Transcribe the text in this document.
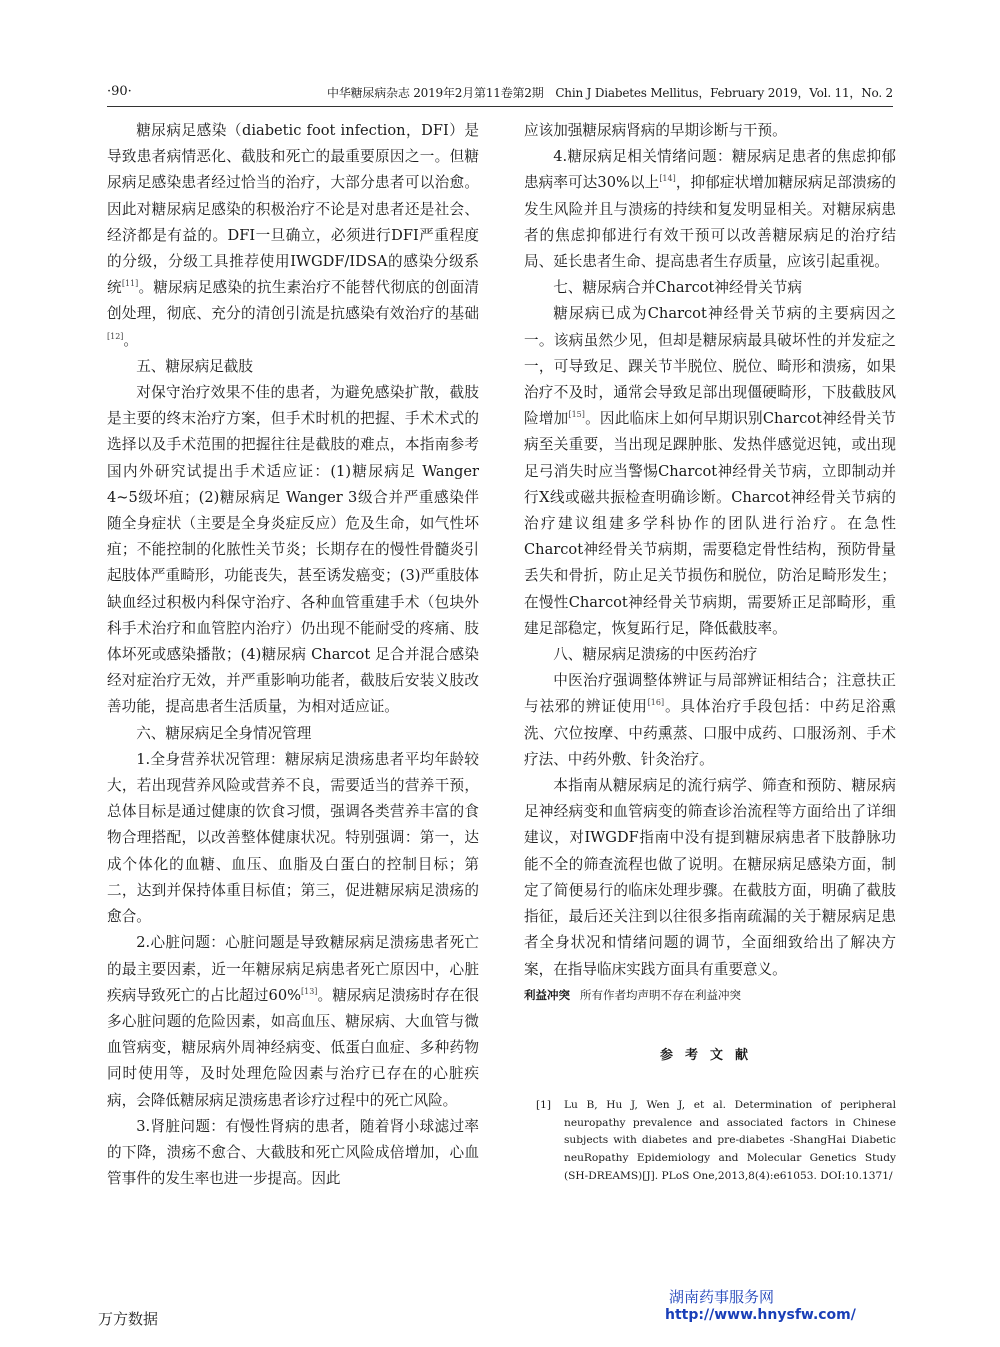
·90·	中华糖尿病杂志 2019年2月第11卷第2期　Chin J Diabetes Mellitus，February 2019，Vol. 11，No. 2

糖尿病足感染（diabetic foot infection，DFI）是导致患者病情恶化、截肢和死亡的最重要原因之一。但糖尿病足感染患者经过恰当的治疗，大部分患者可以治愈。因此对糖尿病足感染的积极治疗不论是对患者还是社会、经济都是有益的。DFI一旦确立，必须进行DFI严重程度的分级，分级工具推荐使用IWGDF/IDSA的感染分级系统[11]。糖尿病足感染的抗生素治疗不能替代彻底的创面清创处理，彻底、充分的清创引流是抗感染有效治疗的基础[12]。

五、糖尿病足截肢

对保守治疗效果不佳的患者，为避免感染扩散，截肢是主要的终末治疗方案，但手术时机的把握、手术术式的选择以及手术范围的把握往往是截肢的难点，本指南参考国内外研究试提出手术适应证：(1)糖尿病足 Wanger 4~5级坏疽；(2)糖尿病足 Wanger 3级合并严重感染伴随全身症状（主要是全身炎症反应）危及生命，如气性坏疽；不能控制的化脓性关节炎；长期存在的慢性骨髓炎引起肢体严重畸形，功能丧失，甚至诱发癌变；(3)严重肢体缺血经过积极内科保守治疗、各种血管重建手术（包块外科手术治疗和血管腔内治疗）仍出现不能耐受的疼痛、肢体坏死或感染播散；(4)糖尿病 Charcot 足合并混合感染经对症治疗无效，并严重影响功能者，截肢后安装义肢改善功能，提高患者生活质量，为相对适应证。

六、糖尿病足全身情况管理

1.全身营养状况管理：糖尿病足溃疡患者平均年龄较大，若出现营养风险或营养不良，需要适当的营养干预，总体目标是通过健康的饮食习惯，强调各类营养丰富的食物合理搭配，以改善整体健康状况。特别强调：第一，达成个体化的血糖、血压、血脂及白蛋白的控制目标；第二，达到并保持体重目标值；第三，促进糖尿病足溃疡的愈合。

2.心脏问题：心脏问题是导致糖尿病足溃疡患者死亡的最主要因素，近一年糖尿病足病患者死亡原因中，心脏疾病导致死亡的占比超过60%[13]。糖尿病足溃疡时存在很多心脏问题的危险因素，如高血压、糖尿病、大血管与微血管病变，糖尿病外周神经病变、低蛋白血症、多种药物同时使用等，及时处理危险因素与治疗已存在的心脏疾病，会降低糖尿病足溃疡患者诊疗过程中的死亡风险。

3.肾脏问题：有慢性肾病的患者，随着肾小球滤过率的下降，溃疡不愈合、大截肢和死亡风险成倍增加，心血管事件的发生率也进一步提高。因此

应该加强糖尿病肾病的早期诊断与干预。

4.糖尿病足相关情绪问题：糖尿病足患者的焦虑抑郁患病率可达30%以上[14]，抑郁症状增加糖尿病足部溃疡的发生风险并且与溃疡的持续和复发明显相关。对糖尿病患者的焦虑抑郁进行有效干预可以改善糖尿病足的治疗结局、延长患者生命、提高患者生存质量，应该引起重视。

七、糖尿病合并Charcot神经骨关节病

糖尿病已成为Charcot神经骨关节病的主要病因之一。该病虽然少见，但却是糖尿病最具破坏性的并发症之一，可导致足、踝关节半脱位、脱位、畸形和溃疡，如果治疗不及时，通常会导致足部出现僵硬畸形，下肢截肢风险增加[15]。因此临床上如何早期识别Charcot神经骨关节病至关重要，当出现足踝肿胀、发热伴感觉迟钝，或出现足弓消失时应当警惕Charcot神经骨关节病，立即制动并行X线或磁共振检查明确诊断。Charcot神经骨关节病的治疗建议组建多学科协作的团队进行治疗。在急性Charcot神经骨关节病期，需要稳定骨性结构，预防骨量丢失和骨折，防止足关节损伤和脱位，防治足畸形发生；在慢性Charcot神经骨关节病期，需要矫正足部畸形，重建足部稳定，恢复跖行足，降低截肢率。

八、糖尿病足溃疡的中医药治疗

中医治疗强调整体辨证与局部辨证相结合；注意扶正与祛邪的辨证使用[16]。具体治疗手段包括：中药足浴熏洗、穴位按摩、中药熏蒸、口服中成药、口服汤剂、手术疗法、中药外敷、针灸治疗。

本指南从糖尿病足的流行病学、筛查和预防、糖尿病足神经病变和血管病变的筛查诊治流程等方面给出了详细建议，对IWGDF指南中没有提到糖尿病患者下肢静脉功能不全的筛查流程也做了说明。在糖尿病足感染方面，制定了简便易行的临床处理步骤。在截肢方面，明确了截肢指征，最后还关注到以往很多指南疏漏的关于糖尿病足患者全身状况和情绪问题的调节，全面细致给出了解决方案，在指导临床实践方面具有重要意义。

利益冲突 所有作者均声明不存在利益冲突

参考文献

[1]	Lu B, Hu J, Wen J, et al. Determination of peripheral neuropathy prevalence and associated factors in Chinese subjects with diabetes and pre-diabetes -ShangHai Diabetic neuRopathy Epidemiology and Molecular Genetics Study (SH-DREAMS)[J]. PLoS One,2013,8(4):e61053. DOI:10.1371/
万方数据
湖南药事服务网
http://www.hnysfw.com/
